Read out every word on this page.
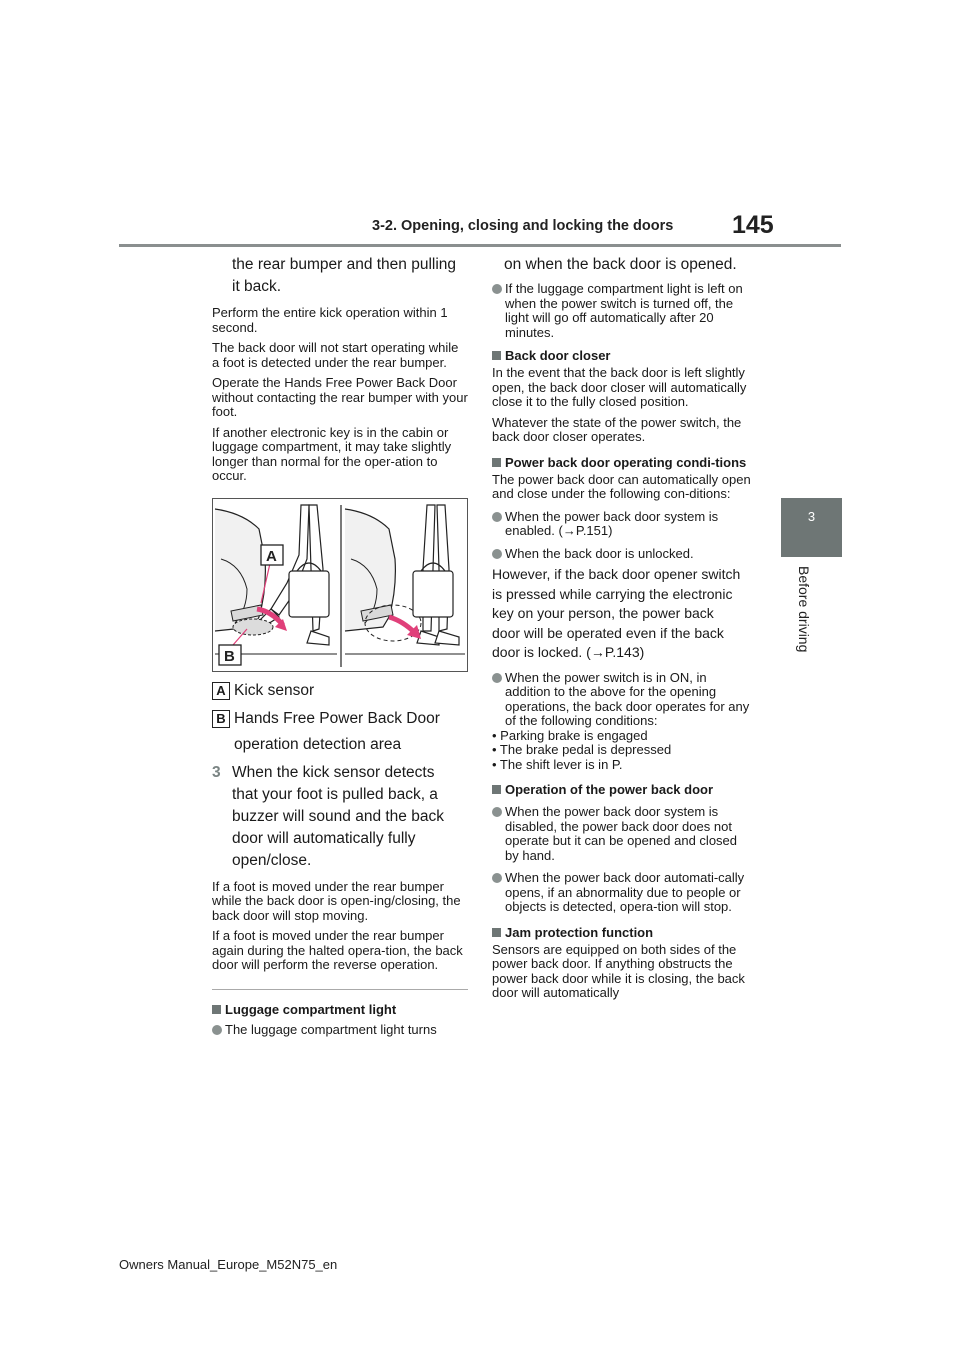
3-2. Opening, closing and locking the doors 145
3
Before driving
the rear bumper and then pulling
it back.

Perform the entire kick operation within 1 second.

The back door will not start operating while a foot is detected under the rear bumper.

Operate the Hands Free Power Back Door without contacting the rear bumper with your foot.

If another electronic key is in the cabin or luggage compartment, it may take slightly longer than normal for the oper-ation to occur.

A
B
A Kick sensor
B Hands Free Power Back Door
operation detection area
3 When the kick sensor detects
that your foot is pulled back, a
buzzer will sound and the back
door will automatically fully
open/close.

If a foot is moved under the rear bumper while the back door is open-ing/closing, the back door will stop moving.

If a foot is moved under the rear bumper again during the halted opera-tion, the back door will perform the reverse operation.

Luggage compartment light
The luggage compartment light turns
on when the back door is opened.
If the luggage compartment light is left on when the power switch is turned off, the light will go off automatically after 20 minutes.
Back door closer

In the event that the back door is left slightly open, the back door closer will automatically close it to the fully closed position.

Whatever the state of the power switch, the back door closer operates.

Power back door operating condi-tions

The power back door can automatically open and close under the following con-ditions:

When the power back door system is enabled. (→P.151)
When the back door is unlocked.
However, if the back door opener switch
is pressed while carrying the electronic
key on your person, the power back
door will be operated even if the back
door is locked. (→P.143)
When the power switch is in ON, in addition to the above for the opening operations, the back door operates for any of the following conditions:
• Parking brake is engaged
• The brake pedal is depressed
• The shift lever is in P.
Operation of the power back door
When the power back door system is disabled, the power back door does not operate but it can be opened and closed by hand.
When the power back door automati-cally opens, if an abnormality due to people or objects is detected, opera-tion will stop.
Jam protection function

Sensors are equipped on both sides of the power back door. If anything obstructs the power back door while it is closing, the back door will automatically

Owners Manual_Europe_M52N75_en
